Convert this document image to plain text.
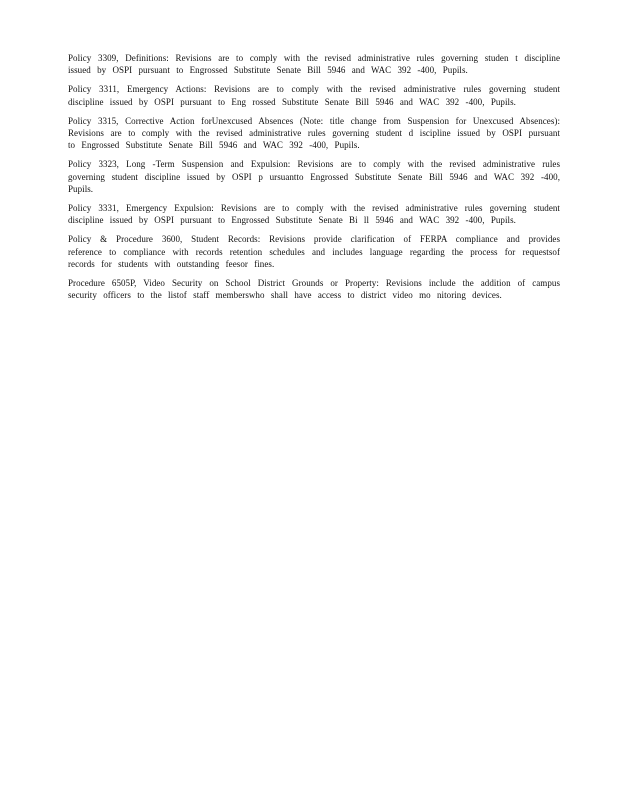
Policy 3309, Definitions: Revisions are to comply with the revised administrative rules governing studen t discipline issued by OSPI pursuant to Engrossed Substitute Senate Bill 5946 and WAC 392 -400, Pupils.
Policy 3311, Emergency Actions: Revisions are to comply with the revised administrative rules governing student discipline issued by OSPI pursuant to Eng rossed Substitute Senate Bill 5946 and WAC 392 -400, Pupils.
Policy 3315, Corrective Action forUnexcused Absences (Note: title change from Suspension for Unexcused Absences): Revisions are to comply with the revised administrative rules governing student d iscipline issued by OSPI pursuant to Engrossed Substitute Senate Bill 5946 and WAC 392 -400, Pupils.
Policy 3323, Long -Term Suspension and Expulsion: Revisions are to comply with the revised administrative rules governing student discipline issued by OSPI p ursuantto Engrossed Substitute Senate Bill 5946 and WAC 392 -400, Pupils.
Policy 3331, Emergency Expulsion: Revisions are to comply with the revised administrative rules governing student discipline issued by OSPI pursuant to Engrossed Substitute Senate Bi ll 5946 and WAC 392 -400, Pupils.
Policy & Procedure 3600, Student Records: Revisions provide clarification of FERPA compliance and provides reference to compliance with records retention schedules and includes language regarding the process for requestsof records for students with outstanding feesor fines.
Procedure 6505P, Video Security on School District Grounds or Property: Revisions include the addition of campus security officers to the listof staff memberswho shall have access to district video mo nitoring devices.
